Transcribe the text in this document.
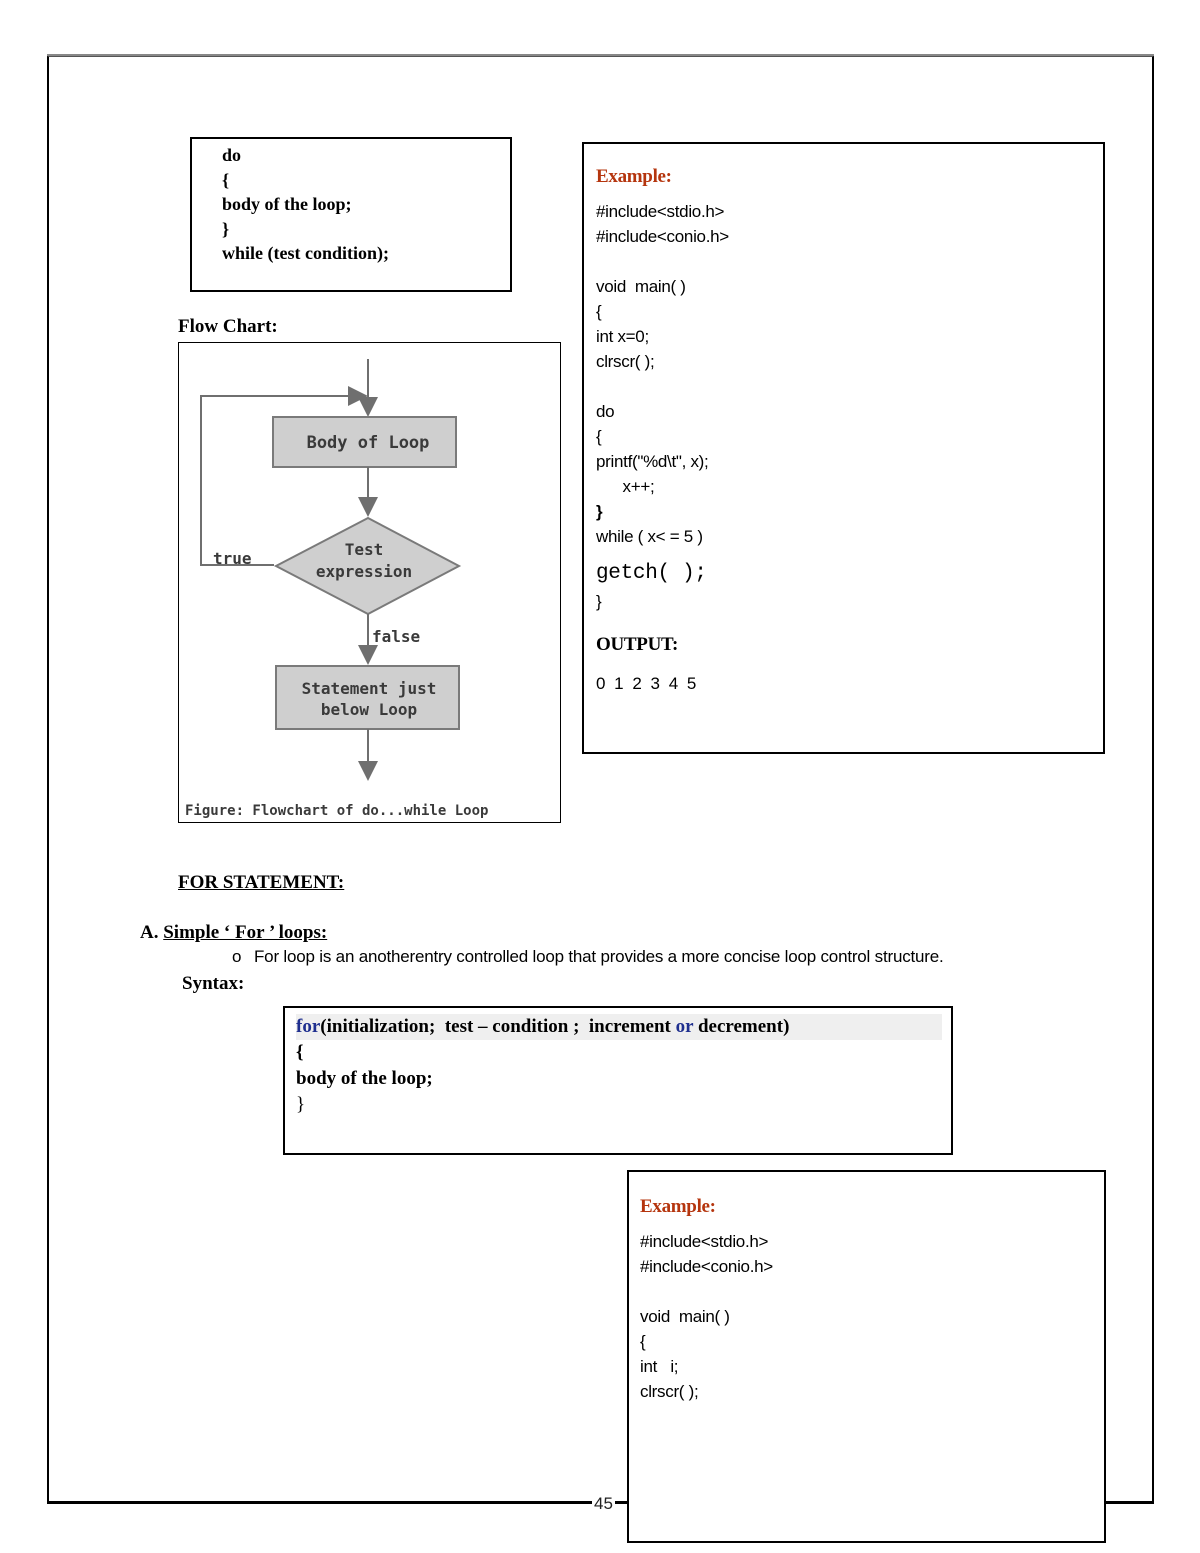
do
{
body of the loop;
}
while (test condition);
Flow Chart:
Body of Loop
Test
expression
true
false
Statement just
below Loop
Figure: Flowchart of do...while Loop
Example:
#include<stdio.h>
#include<conio.h>

void  main( )
{
int x=0;
clrscr( );

do
{
printf("%d\t", x);
x++;
}
while ( x< = 5 )
getch( );
}
OUTPUT:
0 1 2 3 4 5
FOR STATEMENT:
A. Simple ‘ For ’ loops:
o For loop is an anotherentry controlled loop that provides a more concise loop control structure.
Syntax:
for(initialization;  test – condition ;  increment or decrement)
{
body of the loop;
}
Example:
#include<stdio.h>
#include<conio.h>

void  main( )
{
int   i;
clrscr( );
45
